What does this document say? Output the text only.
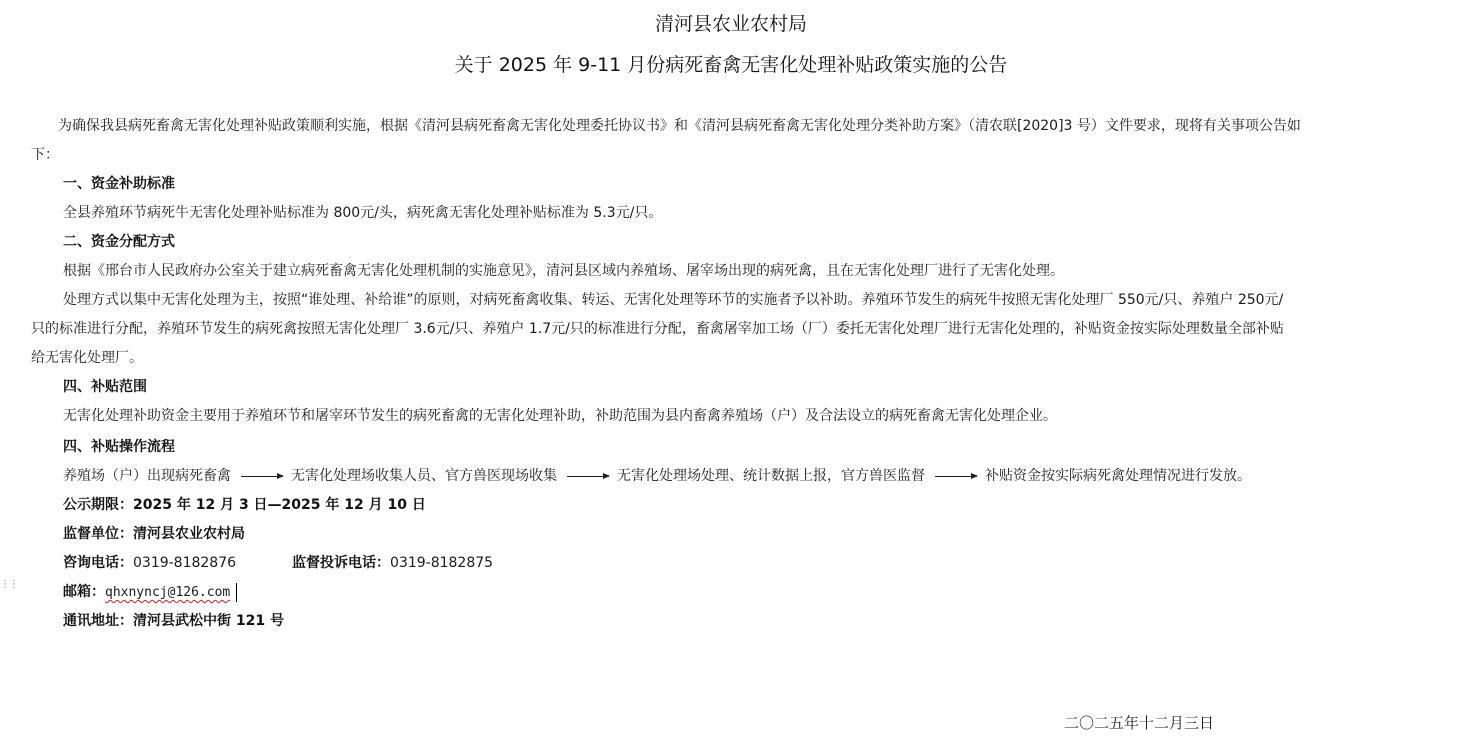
清河县农业农村局
关于 2025 年 9-11 月份病死畜禽无害化处理补贴政策实施的公告
为确保我县病死畜禽无害化处理补贴政策顺利实施，根据《清河县病死畜禽无害化处理委托协议书》和《清河县病死畜禽无害化处理分类补助方案》（清农联[2020]3 号）文件要求，现将有关事项公告如
下：
一、资金补助标准
全县养殖环节病死牛无害化处理补贴标准为 800元/头，病死禽无害化处理补贴标准为 5.3元/只。
二、资金分配方式
根据《邢台市人民政府办公室关于建立病死畜禽无害化处理机制的实施意见》，清河县区域内养殖场、屠宰场出现的病死禽，且在无害化处理厂进行了无害化处理。
处理方式以集中无害化处理为主，按照“谁处理、补给谁”的原则，对病死畜禽收集、转运、无害化处理等环节的实施者予以补助。养殖环节发生的病死牛按照无害化处理厂 550元/只、养殖户 250元/
只的标准进行分配，养殖环节发生的病死禽按照无害化处理厂 3.6元/只、养殖户 1.7元/只的标准进行分配，畜禽屠宰加工场（厂）委托无害化处理厂进行无害化处理的，补贴资金按实际处理数量全部补贴
给无害化处理厂。
四、补贴范围
无害化处理补助资金主要用于养殖环节和屠宰环节发生的病死畜禽的无害化处理补助，补助范围为县内畜禽养殖场（户）及合法设立的病死畜禽无害化处理企业。
四、补贴操作流程
养殖场（户）出现病死畜禽	无害化处理场收集人员、官方兽医现场收集	无害化处理场处理、统计数据上报，官方兽医监督	补贴资金按实际病死禽处理情况进行发放。
公示期限：2025 年 12 月 3 日—2025 年 12 月 10 日
监督单位：清河县农业农村局
咨询电话：0319-8182876	监督投诉电话：0319-8182875
⋮⋮	邮箱：qhxnyncj@126.com
通讯地址：清河县武松中街 121 号
二〇二五年十二月三日
